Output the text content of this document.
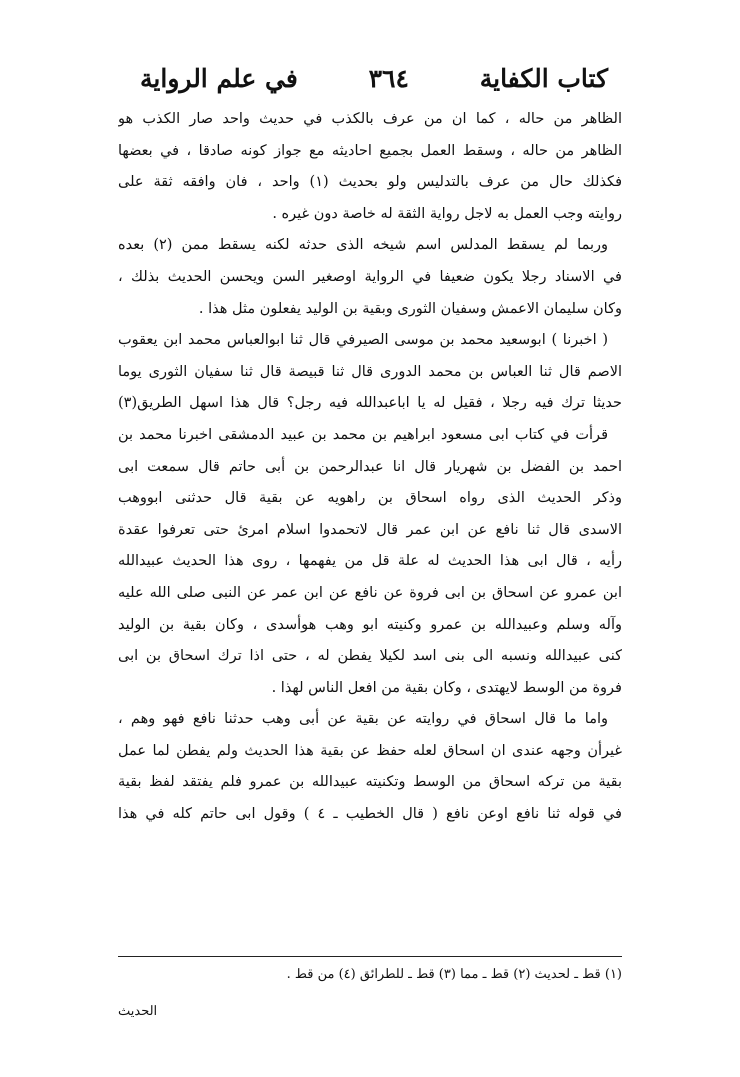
كتاب الكفاية
٣٦٤
في علم الرواية
الظاهر من حاله ، كما ان من عرف بالكذب في حديث واحد صار الكذب هو
الظاهر من حاله ، وسقط العمل بجميع احاديثه مع جواز كونه صادقا ، في بعضها
فكذلك حال من عرف بالتدليس ولو بحديث (١) واحد ، فان وافقه ثقة على
روايته وجب العمل به لاجل رواية الثقة له خاصة دون غيره .
وربما لم يسقط المدلس اسم شيخه الذى حدثه لكنه يسقط ممن (٢) بعده
في الاسناد رجلا يكون ضعيفا في الرواية اوصغير السن ويحسن الحديث بذلك ،
وكان سليمان الاعمش وسفيان الثورى وبقية بن الوليد يفعلون مثل هذا .
( اخبرنا ) ابوسعيد محمد بن موسى الصيرفي قال ثنا ابوالعباس محمد ابن يعقوب
الاصم قال ثنا العباس بن محمد الدورى قال ثنا قبيصة قال ثنا سفيان الثورى يوما
حديثا ترك فيه رجلا ، فقيل له يا اباعبدالله فيه رجل؟ قال هذا اسهل الطريق(٣)
قرأت في كتاب ابى مسعود ابراهيم بن محمد بن عبيد الدمشقى اخبرنا محمد بن
احمد بن الفضل بن شهريار قال انا عبدالرحمن بن أبى حاتم قال سمعت ابى
وذكر الحديث الذى رواه اسحاق بن راهويه عن بقية قال حدثنى ابووهب
الاسدى قال ثنا نافع عن ابن عمر قال لاتحمدوا اسلام امرئ حتى تعرفوا عقدة
رأيه ، قال ابى هذا الحديث له علة قل من يفهمها ، روى هذا الحديث عبيدالله
ابن عمرو عن اسحاق بن ابى فروة عن نافع عن ابن عمر عن النبى صلى الله عليه
وآله وسلم وعبيدالله بن عمرو وكنيته ابو وهب هوأسدى ، وكان بقية بن الوليد
كنى عبيدالله ونسبه الى بنى اسد لكيلا يفطن له ، حتى اذا ترك اسحاق بن ابى
فروة من الوسط لايهتدى ، وكان بقية من افعل الناس لهذا .
واما ما قال اسحاق في روايته عن بقية عن أبى وهب حدثنا نافع فهو وهم ،
غيرأن وجهه عندى ان اسحاق لعله حفظ عن بقية هذا الحديث ولم يفطن لما عمل
بقية من تركه اسحاق من الوسط وتكنيته عبيدالله بن عمرو فلم يفتقد لفظ بقية
في قوله ثنا نافع اوعن نافع ( قال الخطيب ـ ٤ ) وقول ابى حاتم كله في هذا
(١) قط ـ لحديث (٢) قط ـ مما (٣) قط ـ للطرائق (٤) من قط .
الحديث
